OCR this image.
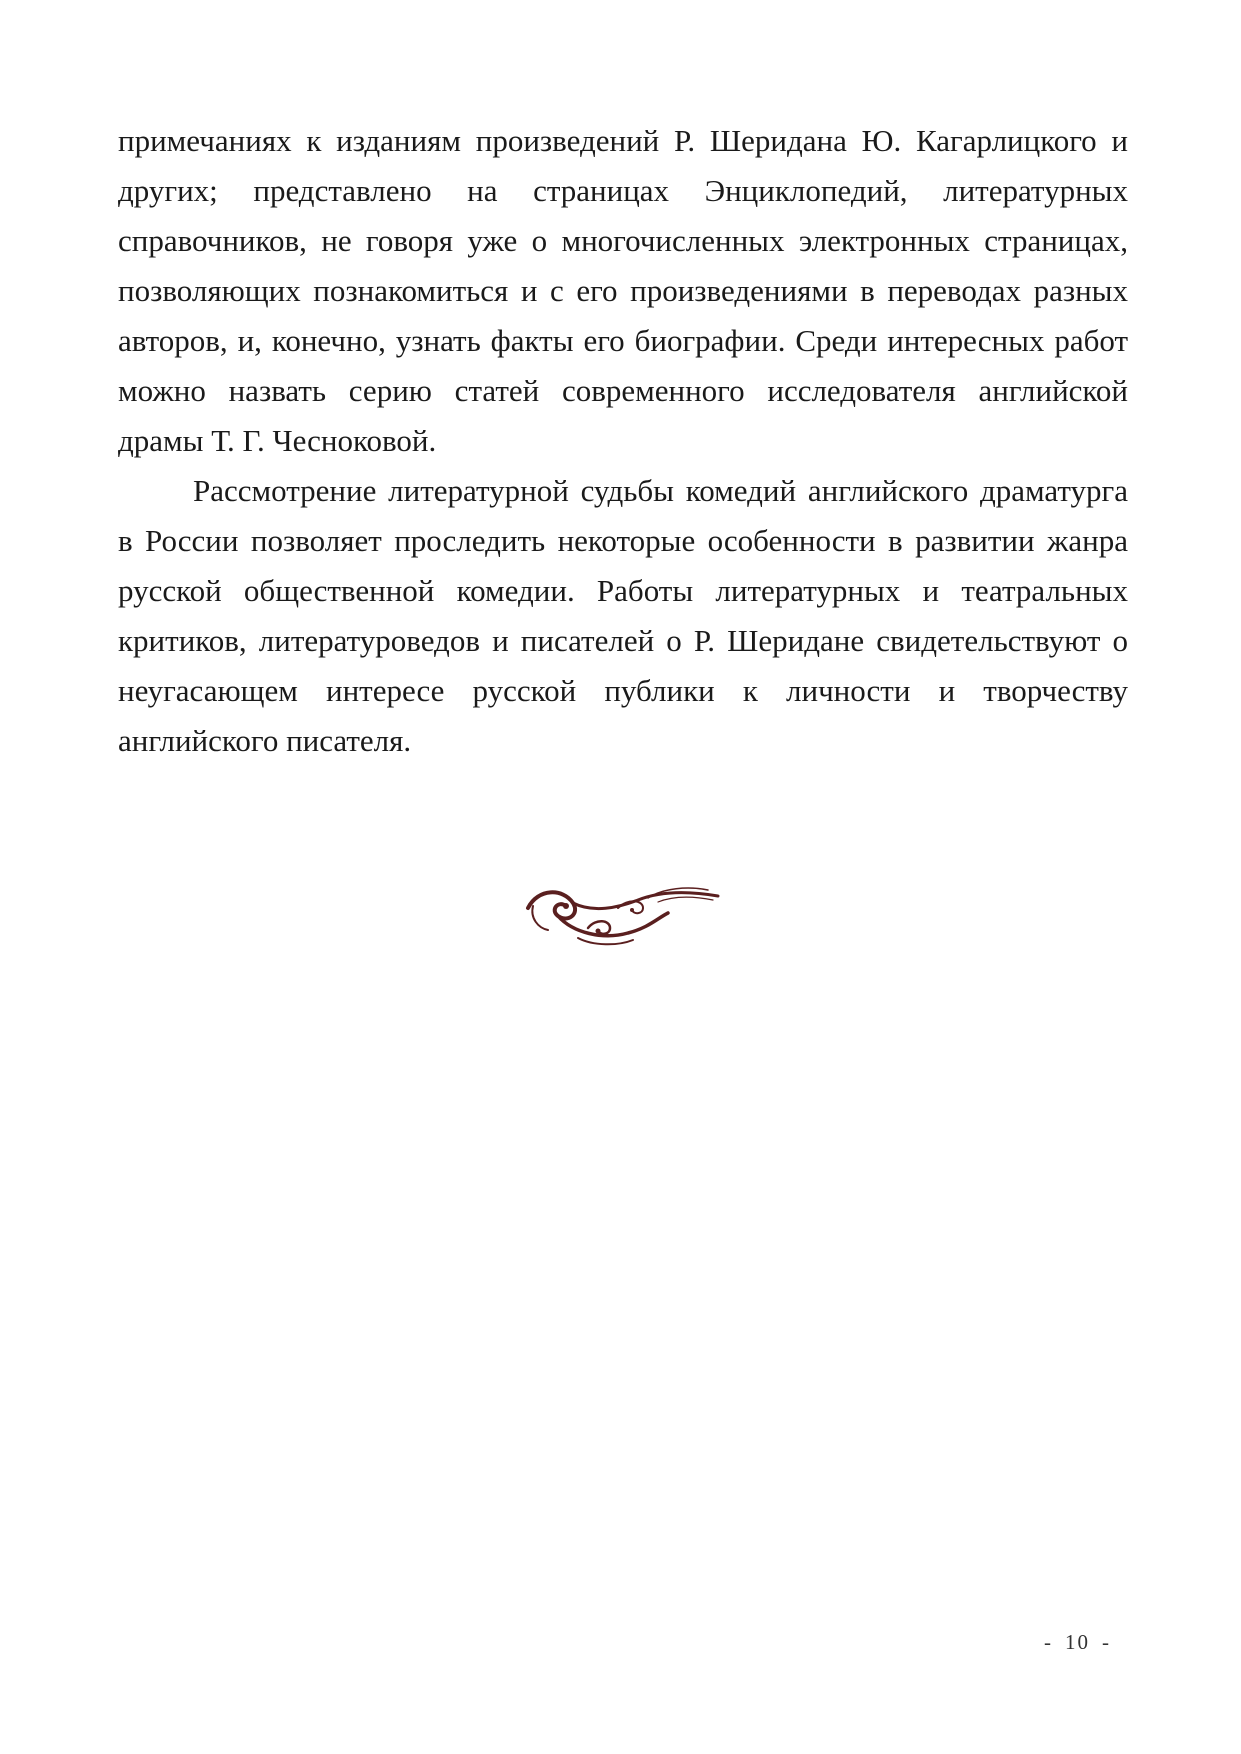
примечаниях к изданиям произведений Р. Шеридана Ю. Кагарлицкого и других; представлено на страницах Энциклопедий, литературных справочников, не говоря уже о многочисленных электронных страницах, позволяющих познакомиться и с его произведениями в переводах разных авторов, и, конечно, узнать факты его биографии. Среди интересных работ можно назвать серию статей современного исследователя английской драмы Т. Г. Чесноковой.

Рассмотрение литературной судьбы комедий английского драматурга в России позволяет проследить некоторые особенности в развитии жанра русской общественной комедии. Работы литературных и театральных критиков, литературоведов и писателей о Р. Шеридане свидетельствуют о неугасающем интересе русской публики к личности и творчеству английского писателя.

- 10 -
